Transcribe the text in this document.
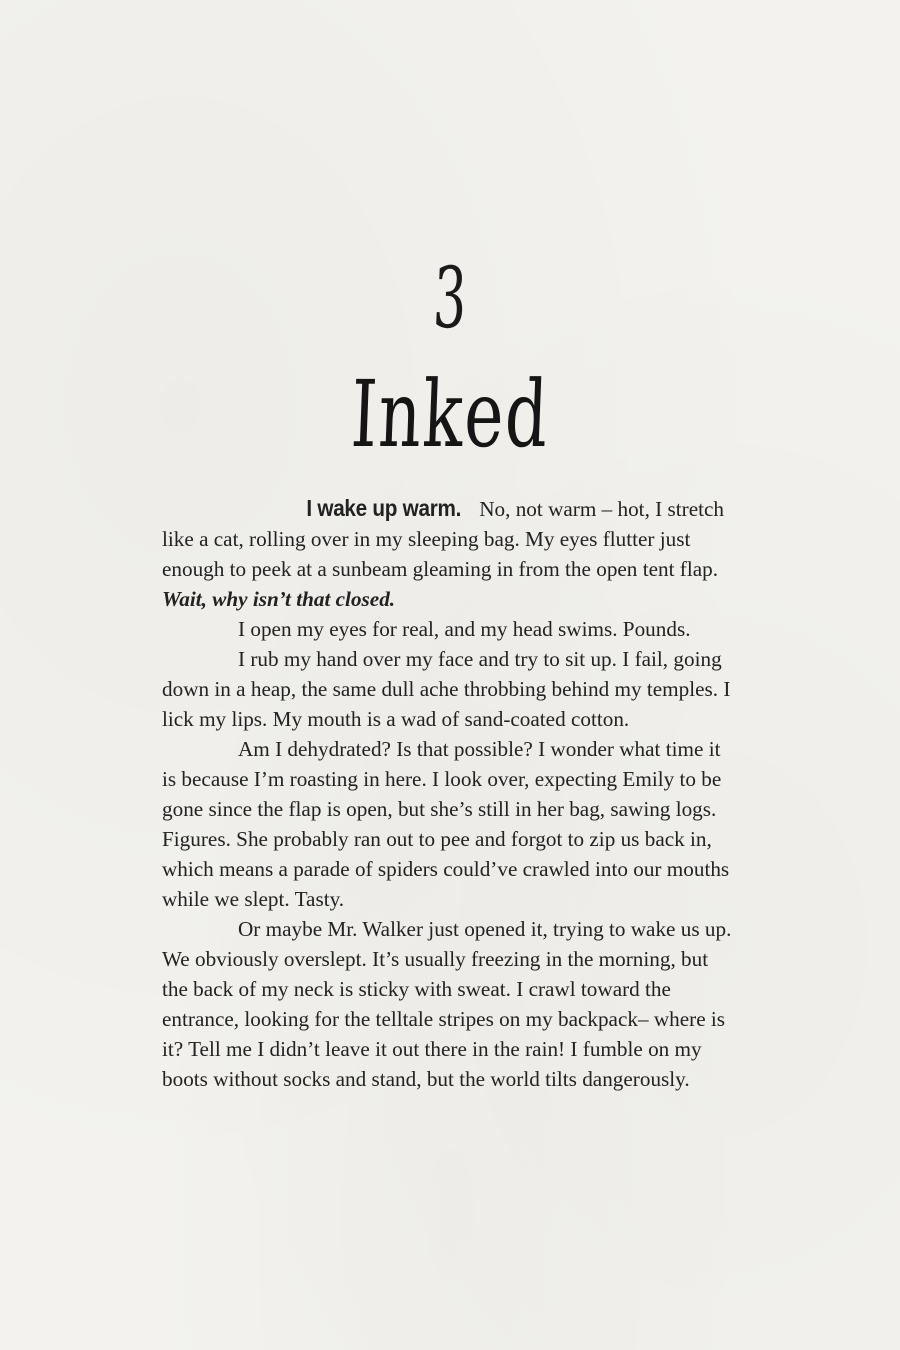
3
Inked

I wake up warm. No, not warm – hot, I stretch like a cat, rolling over in my sleeping bag. My eyes flutter just enough to peek at a sunbeam gleaming in from the open tent flap. Wait, why isn’t that closed.

I open my eyes for real, and my head swims. Pounds.

I rub my hand over my face and try to sit up. I fail, going down in a heap, the same dull ache throbbing behind my temples. I lick my lips. My mouth is a wad of sand-coated cotton.

Am I dehydrated? Is that possible? I wonder what time it is because I’m roasting in here. I look over, expecting Emily to be gone since the flap is open, but she’s still in her bag, sawing logs. Figures. She probably ran out to pee and forgot to zip us back in, which means a parade of spiders could’ve crawled into our mouths while we slept. Tasty.

Or maybe Mr. Walker just opened it, trying to wake us up. We obviously overslept. It’s usually freezing in the morning, but the back of my neck is sticky with sweat. I crawl toward the entrance, looking for the telltale stripes on my backpack– where is it? Tell me I didn’t leave it out there in the rain! I fumble on my boots without socks and stand, but the world tilts dangerously.
